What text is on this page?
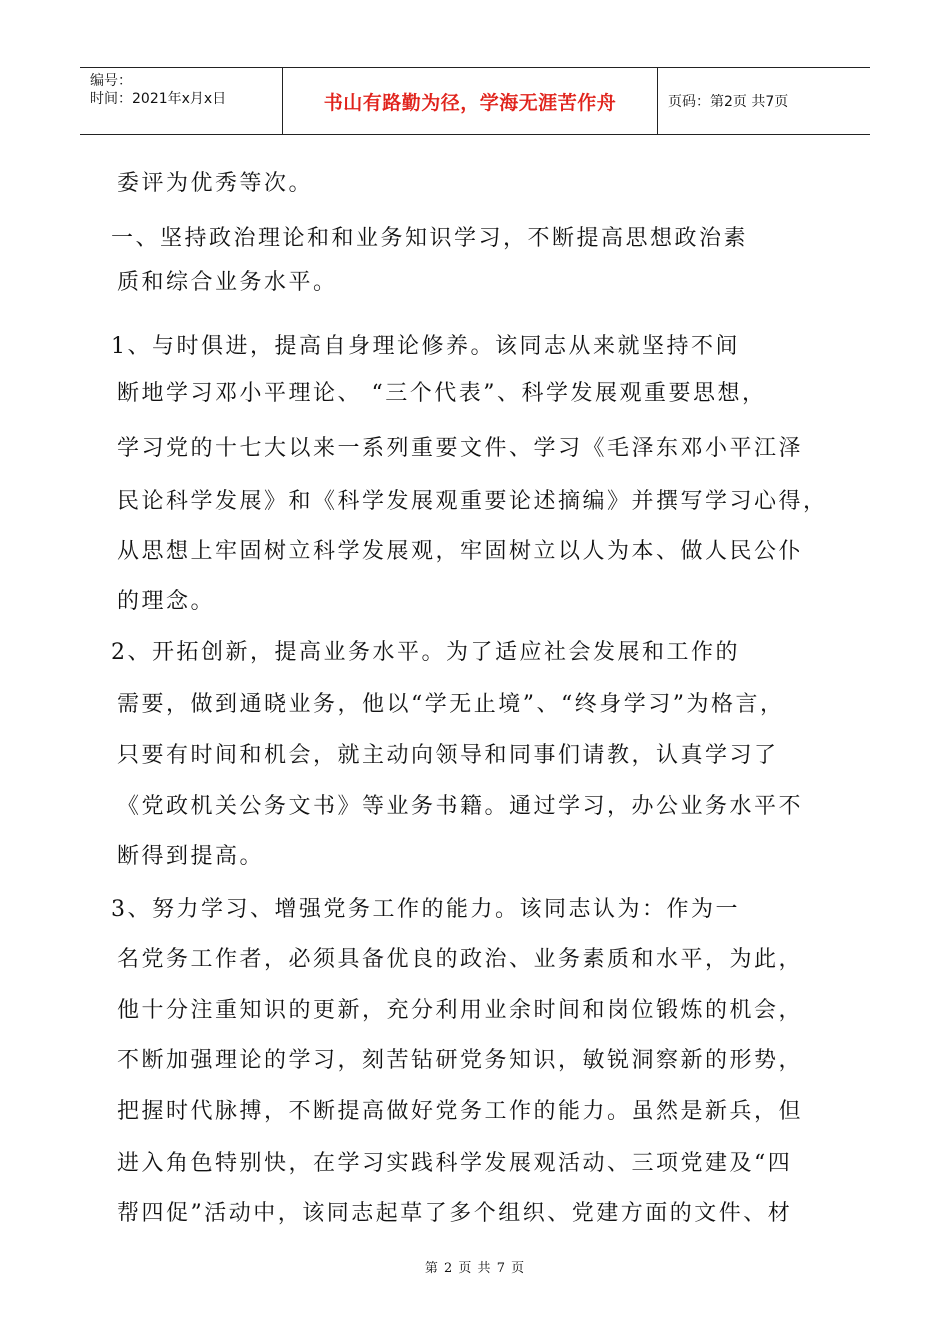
编号：
时间：2021年x月x日	书山有路勤为径，学海无涯苦作舟	页码：第2页 共7页
委评为优秀等次。
一、坚持政治理论和和业务知识学习，不断提高思想政治素
质和综合业务水平。
1、与时俱进，提高自身理论修养。该同志从来就坚持不间
断地学习邓小平理论、 “三个代表”、科学发展观重要思想，
学习党的十七大以来一系列重要文件、学习《毛泽东邓小平江泽
民论科学发展》和《科学发展观重要论述摘编》并撰写学习心得，
从思想上牢固树立科学发展观，牢固树立以人为本、做人民公仆
的理念。
2、开拓创新，提高业务水平。为了适应社会发展和工作的
需要，做到通晓业务，他以“学无止境”、“终身学习”为格言，
只要有时间和机会，就主动向领导和同事们请教，认真学习了
《党政机关公务文书》等业务书籍。通过学习，办公业务水平不
断得到提高。
3、努力学习、增强党务工作的能力。该同志认为：作为一
名党务工作者，必须具备优良的政治、业务素质和水平，为此，
他十分注重知识的更新，充分利用业余时间和岗位锻炼的机会，
不断加强理论的学习，刻苦钻研党务知识，敏锐洞察新的形势，
把握时代脉搏，不断提高做好党务工作的能力。虽然是新兵，但
进入角色特别快，在学习实践科学发展观活动、三项党建及“四
帮四促”活动中，该同志起草了多个组织、党建方面的文件、材
第 2 页 共 7 页
